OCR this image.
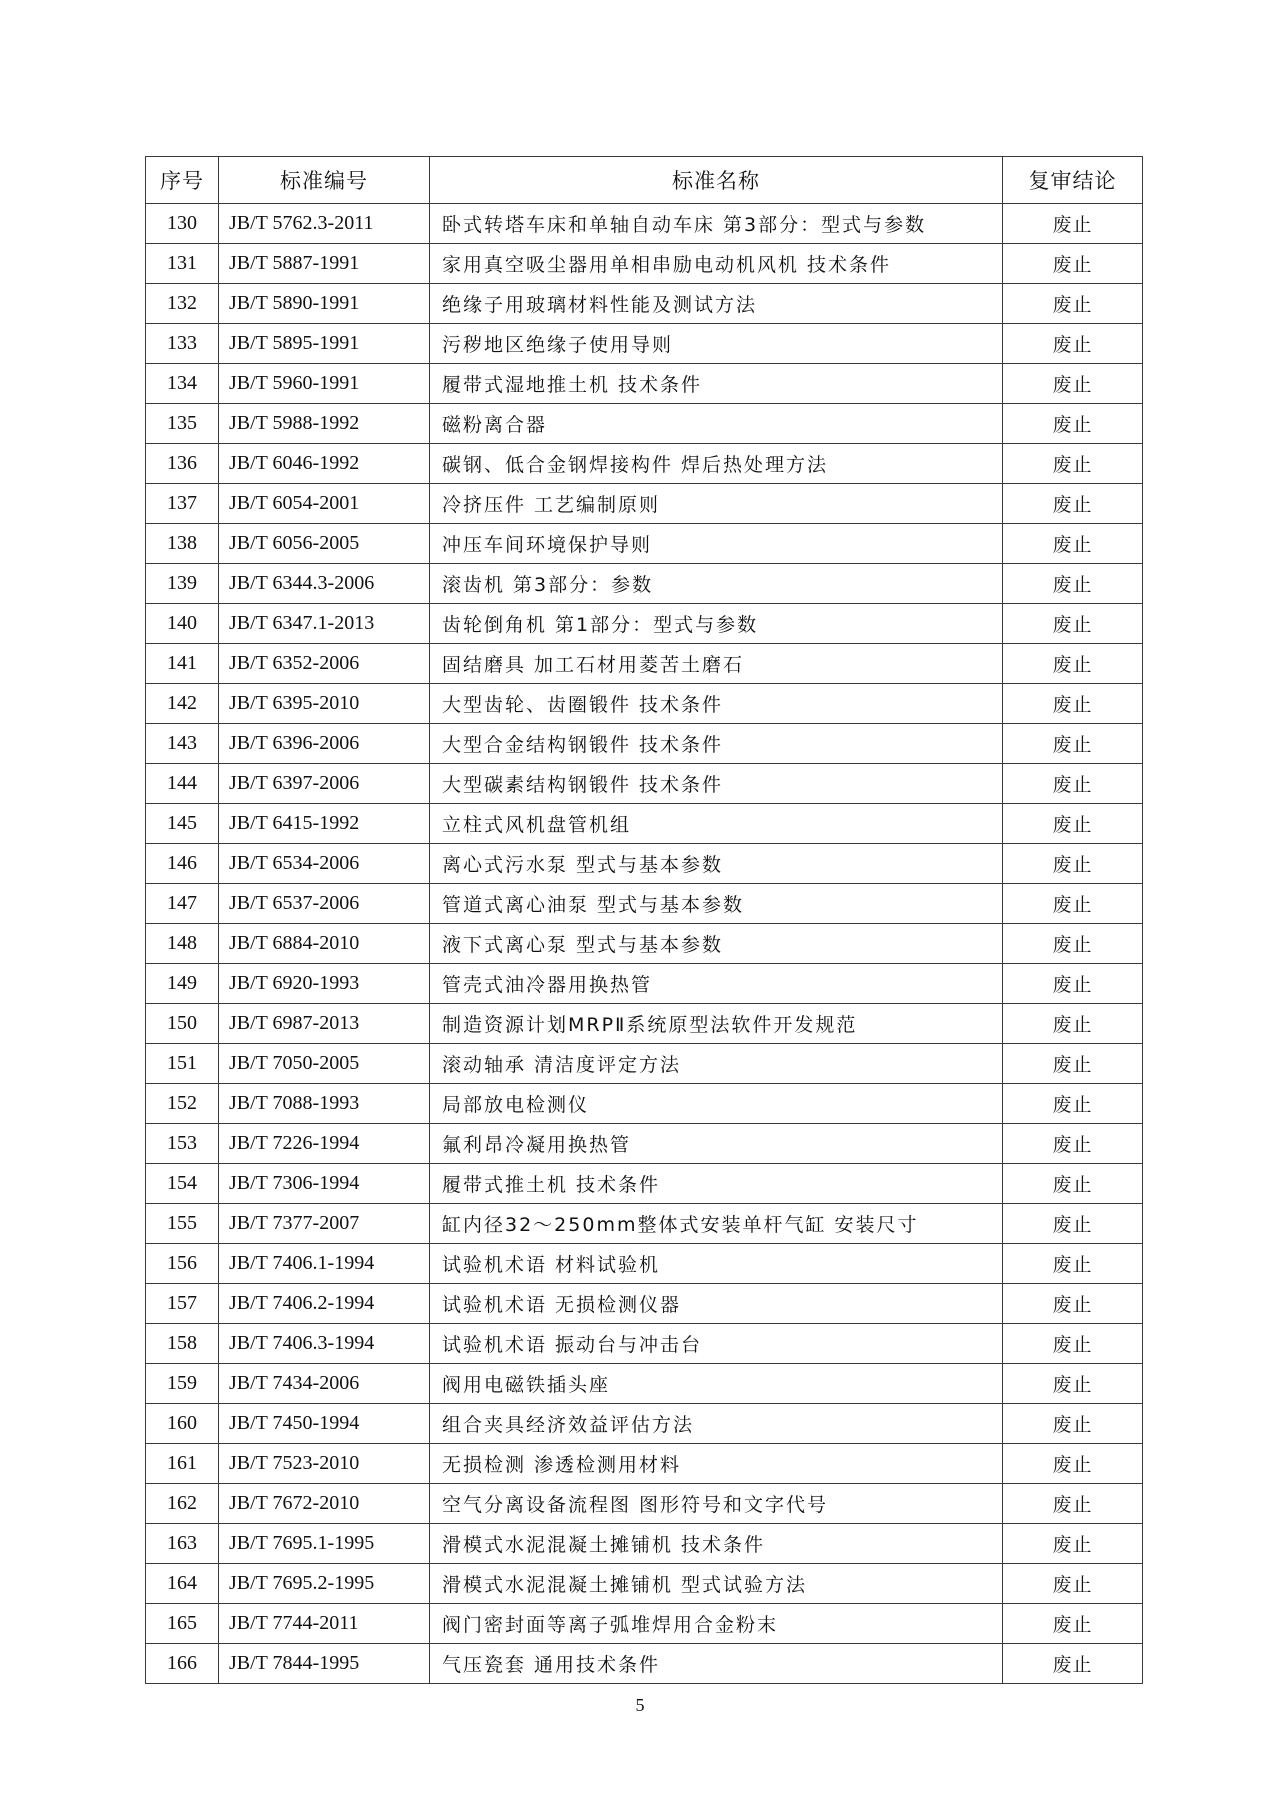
序号	标准编号	标准名称	复审结论
130	JB/T 5762.3-2011	卧式转塔车床和单轴自动车床 第3部分：型式与参数	废止
131	JB/T 5887-1991	家用真空吸尘器用单相串励电动机风机 技术条件	废止
132	JB/T 5890-1991	绝缘子用玻璃材料性能及测试方法	废止
133	JB/T 5895-1991	污秽地区绝缘子使用导则	废止
134	JB/T 5960-1991	履带式湿地推土机 技术条件	废止
135	JB/T 5988-1992	磁粉离合器	废止
136	JB/T 6046-1992	碳钢、低合金钢焊接构件 焊后热处理方法	废止
137	JB/T 6054-2001	冷挤压件 工艺编制原则	废止
138	JB/T 6056-2005	冲压车间环境保护导则	废止
139	JB/T 6344.3-2006	滚齿机 第3部分：参数	废止
140	JB/T 6347.1-2013	齿轮倒角机 第1部分：型式与参数	废止
141	JB/T 6352-2006	固结磨具 加工石材用菱苦土磨石	废止
142	JB/T 6395-2010	大型齿轮、齿圈锻件 技术条件	废止
143	JB/T 6396-2006	大型合金结构钢锻件 技术条件	废止
144	JB/T 6397-2006	大型碳素结构钢锻件 技术条件	废止
145	JB/T 6415-1992	立柱式风机盘管机组	废止
146	JB/T 6534-2006	离心式污水泵 型式与基本参数	废止
147	JB/T 6537-2006	管道式离心油泵 型式与基本参数	废止
148	JB/T 6884-2010	液下式离心泵 型式与基本参数	废止
149	JB/T 6920-1993	管壳式油冷器用换热管	废止
150	JB/T 6987-2013	制造资源计划MRPⅡ系统原型法软件开发规范	废止
151	JB/T 7050-2005	滚动轴承 清洁度评定方法	废止
152	JB/T 7088-1993	局部放电检测仪	废止
153	JB/T 7226-1994	氟利昂冷凝用换热管	废止
154	JB/T 7306-1994	履带式推土机 技术条件	废止
155	JB/T 7377-2007	缸内径32～250mm整体式安装单杆气缸 安装尺寸	废止
156	JB/T 7406.1-1994	试验机术语 材料试验机	废止
157	JB/T 7406.2-1994	试验机术语 无损检测仪器	废止
158	JB/T 7406.3-1994	试验机术语 振动台与冲击台	废止
159	JB/T 7434-2006	阀用电磁铁插头座	废止
160	JB/T 7450-1994	组合夹具经济效益评估方法	废止
161	JB/T 7523-2010	无损检测 渗透检测用材料	废止
162	JB/T 7672-2010	空气分离设备流程图 图形符号和文字代号	废止
163	JB/T 7695.1-1995	滑模式水泥混凝土摊铺机 技术条件	废止
164	JB/T 7695.2-1995	滑模式水泥混凝土摊铺机 型式试验方法	废止
165	JB/T 7744-2011	阀门密封面等离子弧堆焊用合金粉末	废止
166	JB/T 7844-1995	气压瓷套 通用技术条件	废止
5
